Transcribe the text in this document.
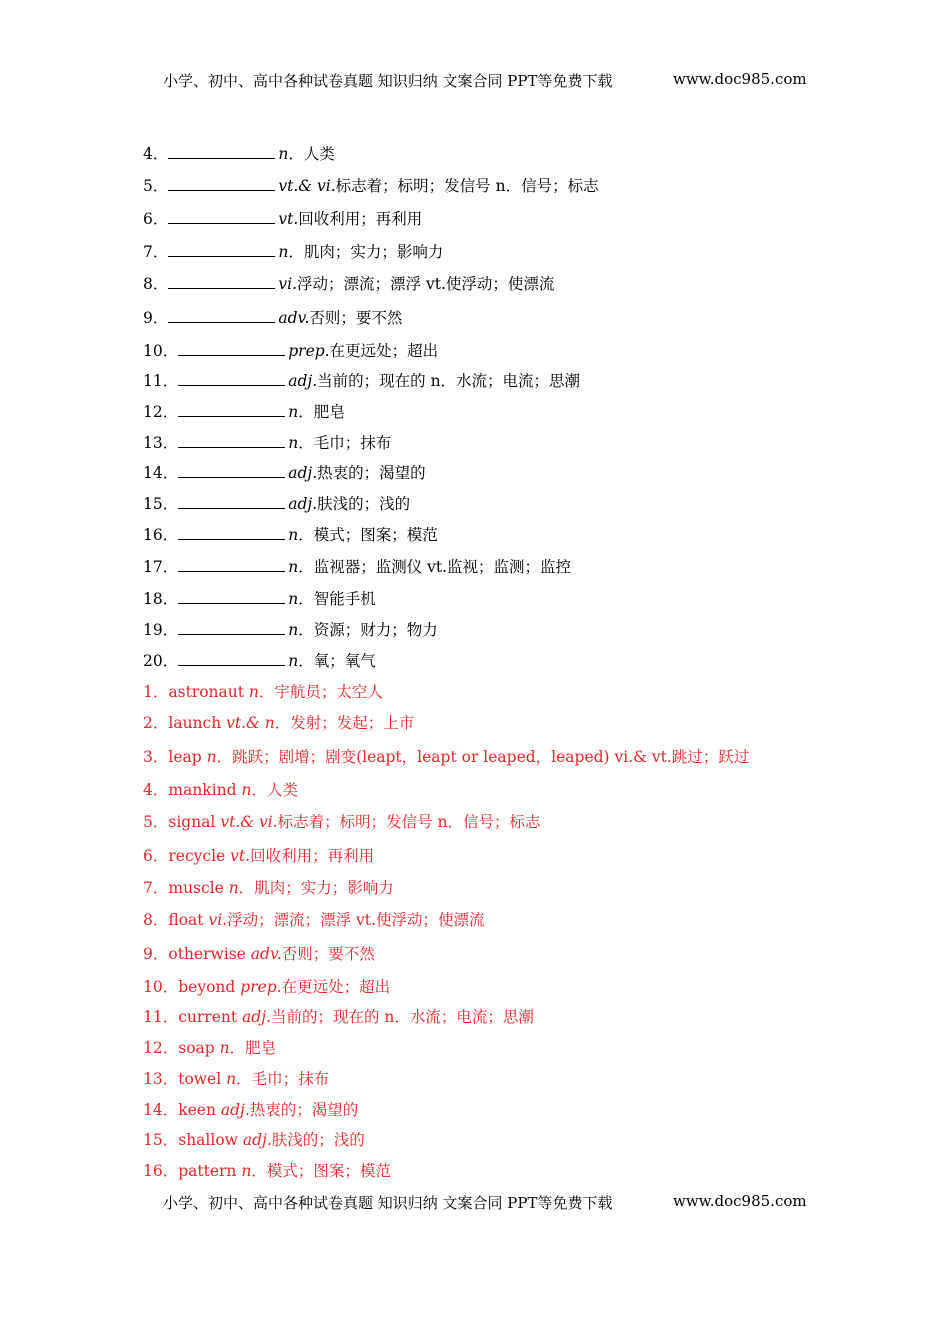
小学、初中、高中各种试卷真题 知识归纳 文案合同 PPT等免费下载	www.doc985.com
4．	n．人类
5．	vt.& vi.标志着；标明；发信号 n．信号；标志
6．	vt.回收利用；再利用
7．	n．肌肉；实力；影响力
8．	vi.浮动；漂流；漂浮 vt.使浮动；使漂流
9．	adv.否则；要不然
10．	prep.在更远处；超出
11．	adj.当前的；现在的 n．水流；电流；思潮
12．	n．肥皂
13．	n．毛巾；抹布
14．	adj.热衷的；渴望的
15．	adj.肤浅的；浅的
16．	n．模式；图案；模范
17．	n．监视器；监测仪 vt.监视；监测；监控
18．	n．智能手机
19．	n．资源；财力；物力
20．	n．氧；氧气
1．astronaut n．宇航员；太空人
2．launch vt.& n．发射；发起；上市
3．leap n．跳跃；剧增；剧变(leapt，leapt or leaped，leaped) vi.& vt.跳过；跃过
4．mankind n．人类
5．signal vt.& vi.标志着；标明；发信号 n．信号；标志
6．recycle vt.回收利用；再利用
7．muscle n．肌肉；实力；影响力
8．float vi.浮动；漂流；漂浮 vt.使浮动；使漂流
9．otherwise adv.否则；要不然
10．beyond prep.在更远处；超出
11．current adj.当前的；现在的 n．水流；电流；思潮
12．soap n．肥皂
13．towel n．毛巾；抹布
14．keen adj.热衷的；渴望的
15．shallow adj.肤浅的；浅的
16．pattern n．模式；图案；模范
小学、初中、高中各种试卷真题 知识归纳 文案合同 PPT等免费下载	www.doc985.com
